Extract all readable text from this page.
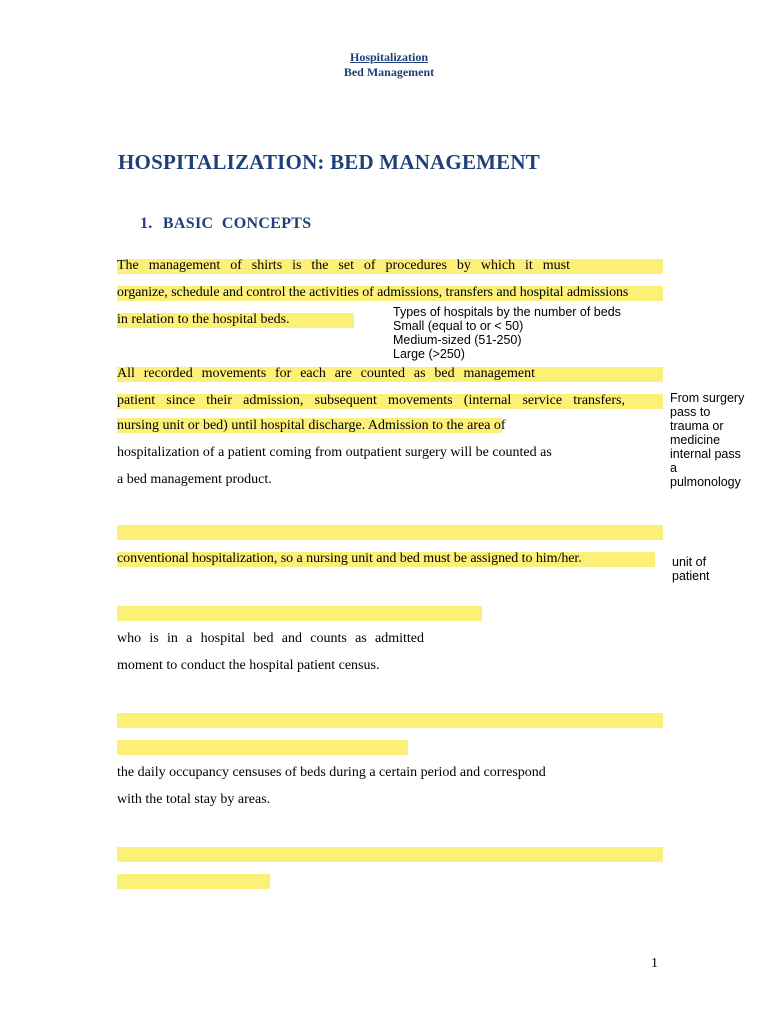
Hospitalization
Bed Management
HOSPITALIZATION: BED MANAGEMENT
1. BASIC  CONCEPTS
The management of shirts is the set of procedures by which it must
organize, schedule and control the activities of admissions, transfers and hospital admissions
in relation to the hospital beds.	Types of hospitals by the number of beds
Small (equal to or < 50)
Medium-sized (51-250)
Large (>250)
All recorded movements for each are counted as bed management
patient since their admission, subsequent movements (internal service transfers,
nursing unit or bed) until hospital discharge. Admission to the area of
hospitalization of a patient coming from outpatient surgery will be counted as
a bed management product.
From surgery
pass to
trauma or
medicine
internal pass
a
pulmonology
conventional hospitalization, so a nursing unit and bed must be assigned to him/her.	unit of
patient
who is in a hospital bed and counts as admitted
moment to conduct the hospital patient census.
the daily occupancy censuses of beds during a certain period and correspond
with the total stay by areas.
1
